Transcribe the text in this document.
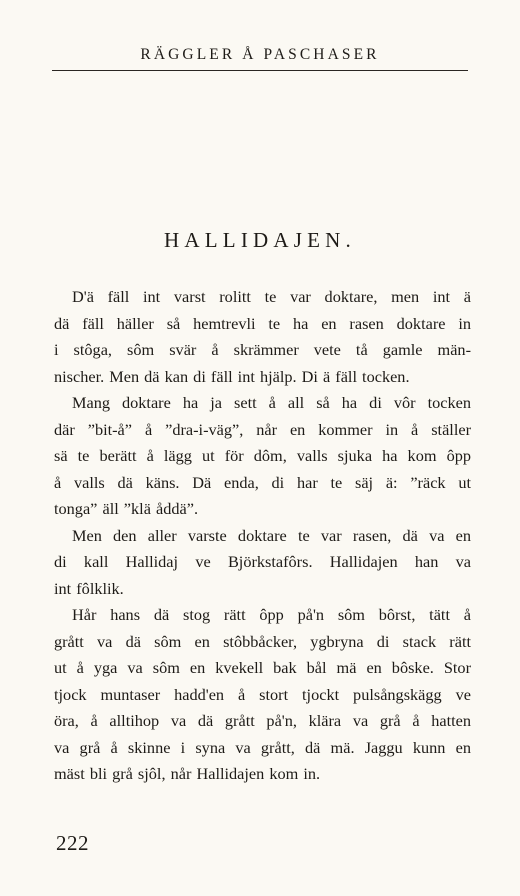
RÄGGLER Å PASCHASER
HALLIDAJEN.
D'ä fäll int varst rolitt te var doktare, men int ä
dä fäll häller så hemtrevli te ha en rasen doktare in
i stôga, sôm svär å skrämmer vete tå gamle män-
nischer. Men dä kan di fäll int hjälp. Di ä fäll tocken.
Mang doktare ha ja sett å all så ha di vôr tocken
där ”bit-å” å ”dra-i-väg”, når en kommer in å ställer
sä te berätt å lägg ut för dôm, valls sjuka ha kom ôpp
å valls dä käns. Dä enda, di har te säj ä: ”räck ut
tonga” äll ”klä åddä”.
Men den aller varste doktare te var rasen, dä va en
di kall Hallidaj ve Björkstafôrs. Hallidajen han va
int fôlklik.
Hår hans dä stog rätt ôpp på'n sôm bôrst, tätt å
grått va dä sôm en stôbbåcker, ygbryna di stack rätt
ut å yga va sôm en kvekell bak bål mä en bôske. Stor
tjock muntaser hadd'en å stort tjockt pulsångskägg ve
öra, å alltihop va dä grått på'n, klära va grå å hatten
va grå å skinne i syna va grått, dä mä. Jaggu kunn en
mäst bli grå sjôl, når Hallidajen kom in.
222
